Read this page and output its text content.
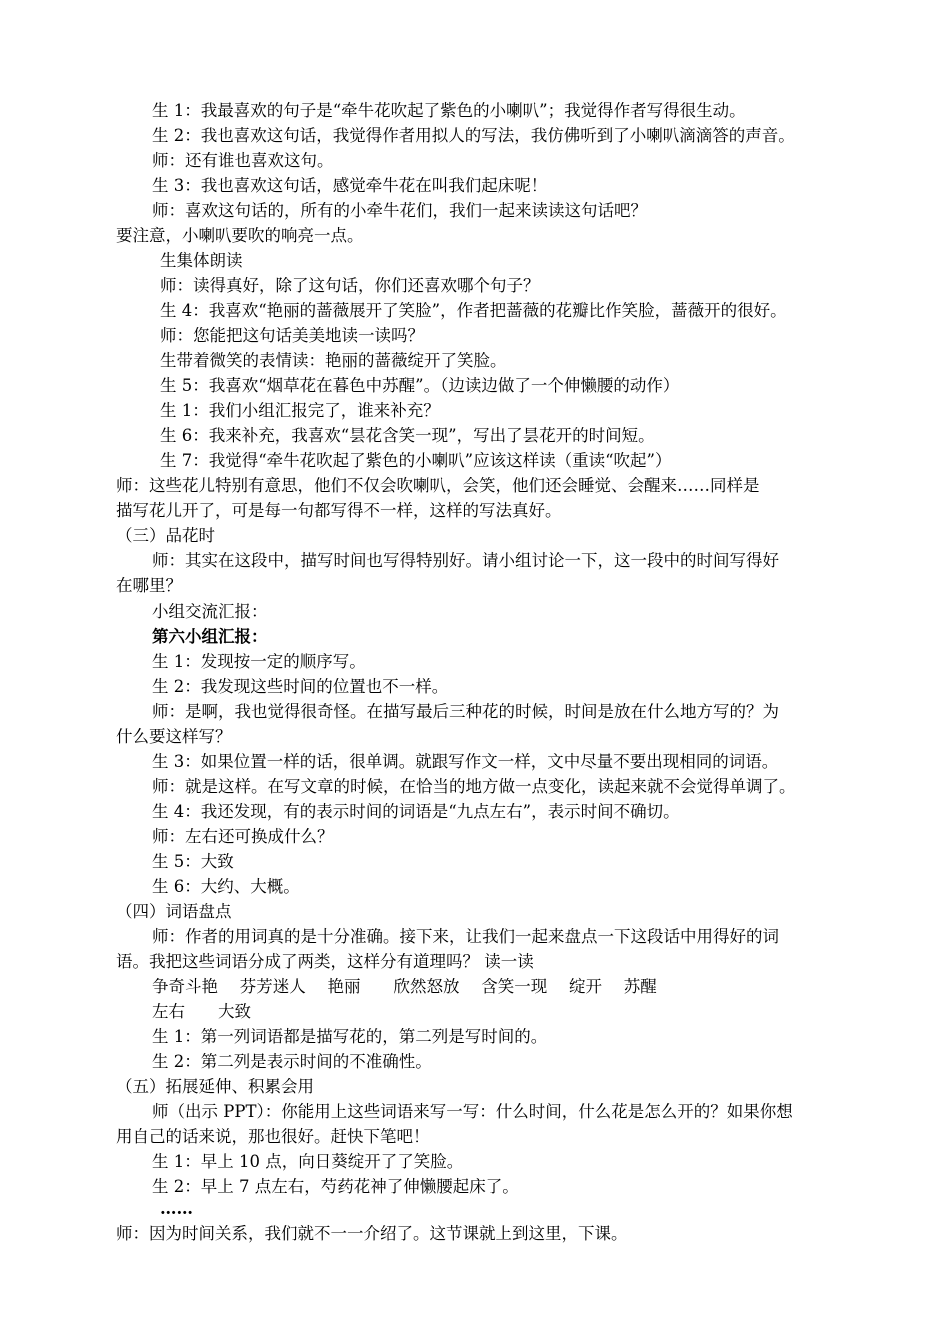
生 1：我最喜欢的句子是“牵牛花吹起了紫色的小喇叭”；我觉得作者写得很生动。
生 2：我也喜欢这句话，我觉得作者用拟人的写法，我仿佛听到了小喇叭滴滴答的声音。
师：还有谁也喜欢这句。
生 3：我也喜欢这句话，感觉牵牛花在叫我们起床呢！
师：喜欢这句话的，所有的小牵牛花们，我们一起来读读这句话吧？
要注意，小喇叭要吹的响亮一点。
生集体朗读
师：读得真好，除了这句话，你们还喜欢哪个句子？
生 4：我喜欢“艳丽的蔷薇展开了笑脸”，作者把蔷薇的花瓣比作笑脸，蔷薇开的很好。
师：您能把这句话美美地读一读吗？
生带着微笑的表情读：艳丽的蔷薇绽开了笑脸。
生 5：我喜欢“烟草花在暮色中苏醒”。（边读边做了一个伸懒腰的动作）
生 1：我们小组汇报完了，谁来补充？
生 6：我来补充，我喜欢“昙花含笑一现”，写出了昙花开的时间短。
生 7：我觉得“牵牛花吹起了紫色的小喇叭”应该这样读（重读“吹起”）
师：这些花儿特别有意思，他们不仅会吹喇叭，会笑，他们还会睡觉、会醒来……同样是
描写花儿开了，可是每一句都写得不一样，这样的写法真好。
（三）品花时
师：其实在这段中，描写时间也写得特别好。请小组讨论一下，这一段中的时间写得好
在哪里？
小组交流汇报：
第六小组汇报：
生 1：发现按一定的顺序写。
生 2：我发现这些时间的位置也不一样。
师：是啊，我也觉得很奇怪。在描写最后三种花的时候，时间是放在什么地方写的？为
什么要这样写？
生 3：如果位置一样的话，很单调。就跟写作文一样，文中尽量不要出现相同的词语。
师：就是这样。在写文章的时候，在恰当的地方做一点变化，读起来就不会觉得单调了。
生 4：我还发现，有的表示时间的词语是“九点左右”，表示时间不确切。
师：左右还可换成什么？
生 5：大致
生 6：大约、大概。
（四）词语盘点
师：作者的用词真的是十分准确。接下来，让我们一起来盘点一下这段话中用得好的词
语。我把这些词语分成了两类，这样分有道理吗？ 读一读
争奇斗艳　 芬芳迷人　 艳丽　　欣然怒放　 含笑一现　 绽开　 苏醒
左右　　大致
生 1：第一列词语都是描写花的，第二列是写时间的。
生 2：第二列是表示时间的不准确性。
（五）拓展延伸、积累会用
师（出示 PPT）：你能用上这些词语来写一写：什么时间，什么花是怎么开的？如果你想
用自己的话来说，那也很好。赶快下笔吧！
生 1：早上 10 点，向日葵绽开了了笑脸。
生 2：早上 7 点左右，芍药花神了伸懒腰起床了。
……
师：因为时间关系，我们就不一一介绍了。这节课就上到这里，下课。
